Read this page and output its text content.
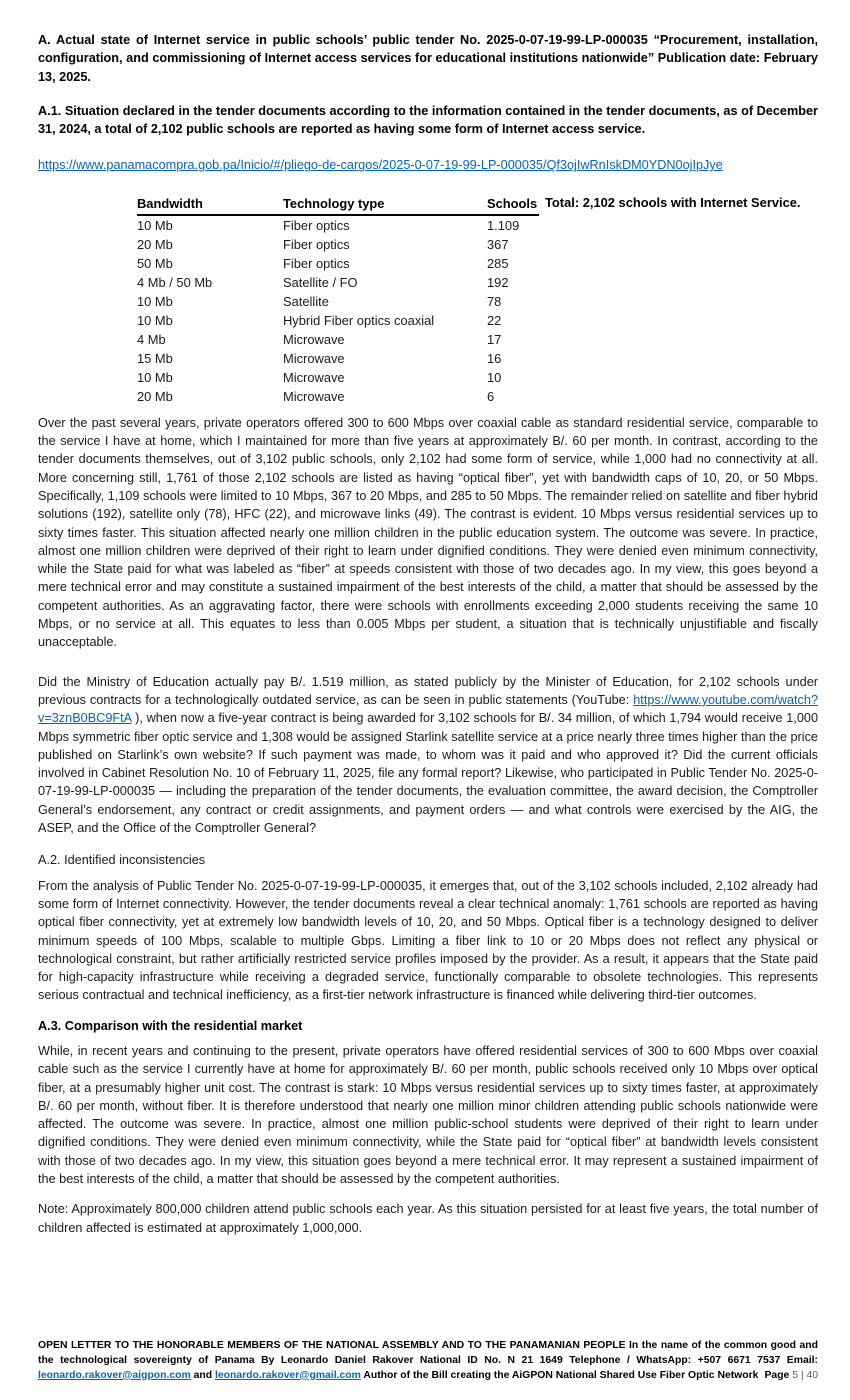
A. Actual state of Internet service in public schools’ public tender No. 2025-0-07-19-99-LP-000035 “Procurement, installation, configuration, and commissioning of Internet access services for educational institutions nationwide” Publication date: February 13, 2025.

A.1. Situation declared in the tender documents according to the information contained in the tender documents, as of December 31, 2024, a total of 2,102 public schools are reported as having some form of Internet access service.

https://www.panamacompra.gob.pa/Inicio/#/pliego-de-cargos/2025-0-07-19-99-LP-000035/Qf3ojIwRnIskDM0YDN0ojIpJye

Bandwidth	Technology type	Schools
10 Mb	Fiber optics	1.109
20 Mb	Fiber optics	367
50 Mb	Fiber optics	285
4 Mb / 50 Mb	Satellite / FO	192
10 Mb	Satellite	78
10 Mb	Hybrid Fiber optics coaxial	22
4 Mb	Microwave	17
15 Mb	Microwave	16
10 Mb	Microwave	10
20 Mb	Microwave	6
Total: 2,102 schools with Internet Service.

Over the past several years, private operators offered 300 to 600 Mbps over coaxial cable as standard residential service, comparable to the service I have at home, which I maintained for more than five years at approximately B/. 60 per month. In contrast, according to the tender documents themselves, out of 3,102 public schools, only 2,102 had some form of service, while 1,000 had no connectivity at all. More concerning still, 1,761 of those 2,102 schools are listed as having “optical fiber”, yet with bandwidth caps of 10, 20, or 50 Mbps. Specifically, 1,109 schools were limited to 10 Mbps, 367 to 20 Mbps, and 285 to 50 Mbps. The remainder relied on satellite and fiber hybrid solutions (192), satellite only (78), HFC (22), and microwave links (49). The contrast is evident. 10 Mbps versus residential services up to sixty times faster. This situation affected nearly one million children in the public education system. The outcome was severe. In practice, almost one million children were deprived of their right to learn under dignified conditions. They were denied even minimum connectivity, while the State paid for what was labeled as “fiber” at speeds consistent with those of two decades ago. In my view, this goes beyond a mere technical error and may constitute a sustained impairment of the best interests of the child, a matter that should be assessed by the competent authorities. As an aggravating factor, there were schools with enrollments exceeding 2,000 students receiving the same 10 Mbps, or no service at all. This equates to less than 0.005 Mbps per student, a situation that is technically unjustifiable and fiscally unacceptable.

Did the Ministry of Education actually pay B/. 1.519 million, as stated publicly by the Minister of Education, for 2,102 schools under previous contracts for a technologically outdated service, as can be seen in public statements (YouTube: https://www.youtube.com/watch?v=3znB0BC9FtA ), when now a five-year contract is being awarded for 3,102 schools for B/. 34 million, of which 1,794 would receive 1,000 Mbps symmetric fiber optic service and 1,308 would be assigned Starlink satellite service at a price nearly three times higher than the price published on Starlink’s own website? If such payment was made, to whom was it paid and who approved it? Did the current officials involved in Cabinet Resolution No. 10 of February 11, 2025, file any formal report? Likewise, who participated in Public Tender No. 2025-0-07-19-99-LP-000035 — including the preparation of the tender documents, the evaluation committee, the award decision, the Comptroller General’s endorsement, any contract or credit assignments, and payment orders — and what controls were exercised by the AIG, the ASEP, and the Office of the Comptroller General?

A.2. Identified inconsistencies

From the analysis of Public Tender No. 2025-0-07-19-99-LP-000035, it emerges that, out of the 3,102 schools included, 2,102 already had some form of Internet connectivity. However, the tender documents reveal a clear technical anomaly: 1,761 schools are reported as having optical fiber connectivity, yet at extremely low bandwidth levels of 10, 20, and 50 Mbps. Optical fiber is a technology designed to deliver minimum speeds of 100 Mbps, scalable to multiple Gbps. Limiting a fiber link to 10 or 20 Mbps does not reflect any physical or technological constraint, but rather artificially restricted service profiles imposed by the provider. As a result, it appears that the State paid for high-capacity infrastructure while receiving a degraded service, functionally comparable to obsolete technologies. This represents serious contractual and technical inefficiency, as a first-tier network infrastructure is financed while delivering third-tier outcomes.

A.3. Comparison with the residential market

While, in recent years and continuing to the present, private operators have offered residential services of 300 to 600 Mbps over coaxial cable such as the service I currently have at home for approximately B/. 60 per month, public schools received only 10 Mbps over optical fiber, at a presumably higher unit cost. The contrast is stark: 10 Mbps versus residential services up to sixty times faster, at approximately B/. 60 per month, without fiber. It is therefore understood that nearly one million minor children attending public schools nationwide were affected. The outcome was severe. In practice, almost one million public-school students were deprived of their right to learn under dignified conditions. They were denied even minimum connectivity, while the State paid for “optical fiber” at bandwidth levels consistent with those of two decades ago. In my view, this situation goes beyond a mere technical error. It may represent a sustained impairment of the best interests of the child, a matter that should be assessed by the competent authorities.

Note: Approximately 800,000 children attend public schools each year. As this situation persisted for at least five years, the total number of children affected is estimated at approximately 1,000,000.

OPEN LETTER TO THE HONORABLE MEMBERS OF THE NATIONAL ASSEMBLY AND TO THE PANAMANIAN PEOPLE In the name of the common good and the technological sovereignty of Panama By Leonardo Daniel Rakover National ID No. N 21 1649 Telephone / WhatsApp: +507 6671 7537 Email: leonardo.rakover@aigpon.com and leonardo.rakover@gmail.com Author of the Bill creating the AiGPON National Shared Use Fiber Optic Network Page 5 | 40
